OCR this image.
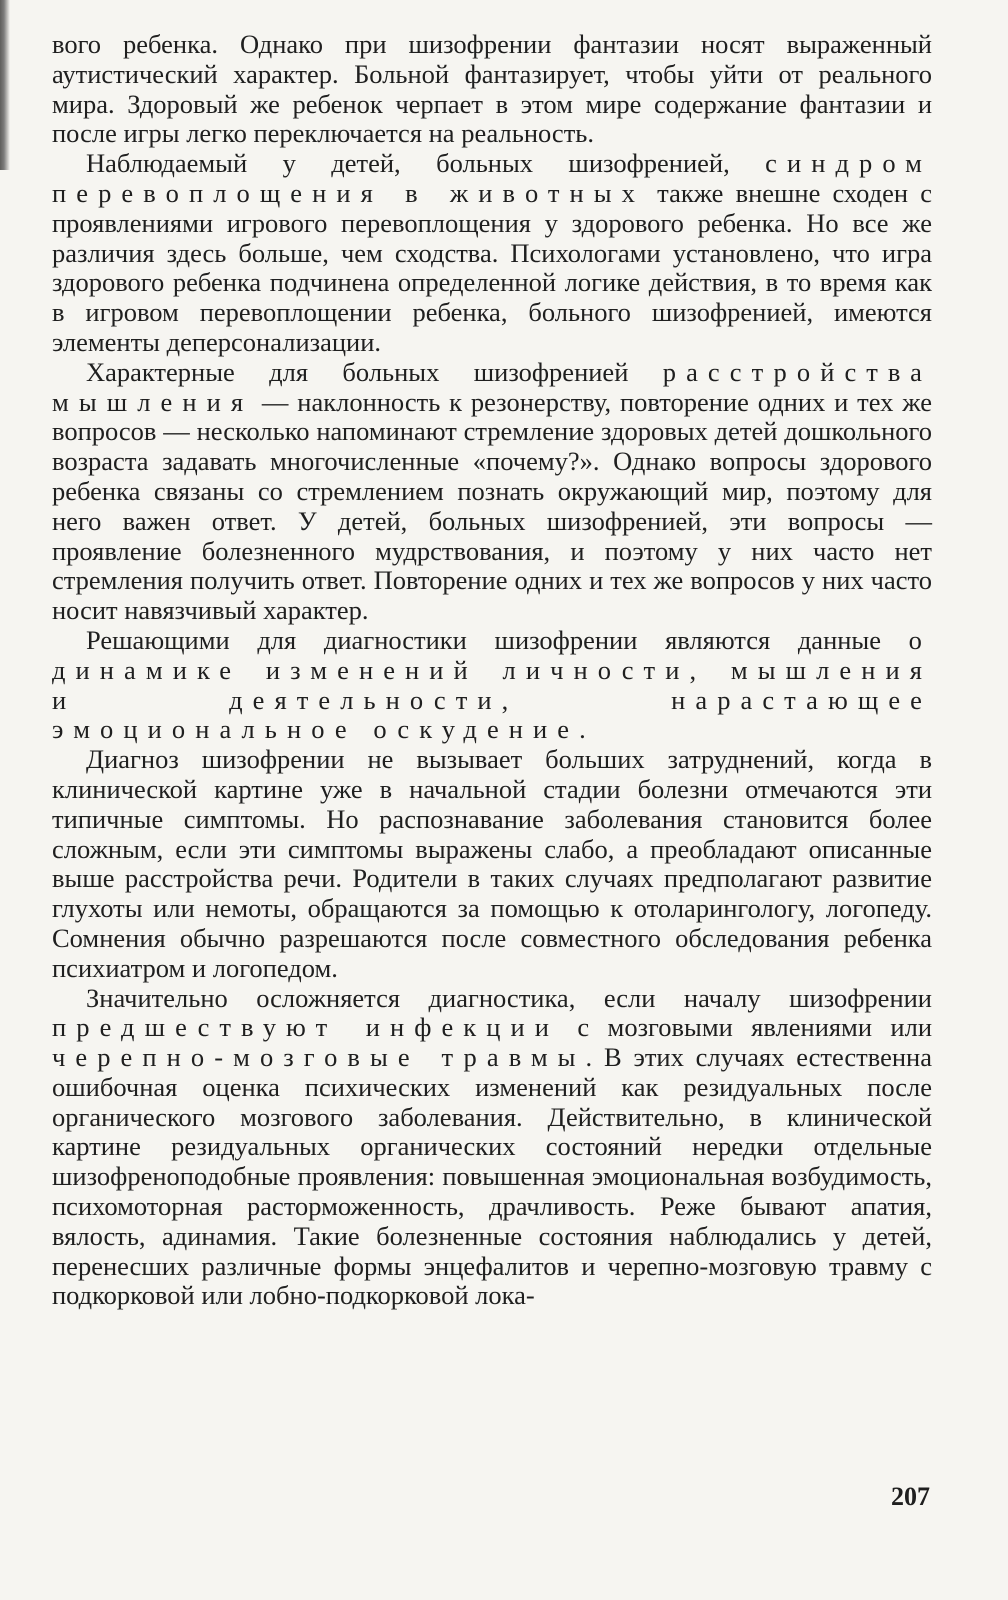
вого ребенка. Однако при шизофрении фантазии носят выраженный аутистический характер. Больной фантазирует, чтобы уйти от реального мира. Здоровый же ребенок черпает в этом мире содержание фантазии и после игры легко переключается на реальность.

Наблюдаемый у детей, больных шизофренией, синдром перевоплощения в животных также внешне сходен с проявлениями игрового перевоплощения у здорового ребенка. Но все же различия здесь больше, чем сходства. Психологами установлено, что игра здорового ребенка подчинена определенной логике действия, в то время как в игровом перевоплощении ребенка, больного шизофренией, имеются элементы деперсонализации.

Характерные для больных шизофренией расстройства мышления — наклонность к резонерству, повторение одних и тех же вопросов — несколько напоминают стремление здоровых детей дошкольного возраста задавать многочисленные «почему?». Однако вопросы здорового ребенка связаны со стремлением познать окружающий мир, поэтому для него важен ответ. У детей, больных шизофренией, эти вопросы — проявление болезненного мудрствования, и поэтому у них часто нет стремления получить ответ. Повторение одних и тех же вопросов у них часто носит навязчивый характер.

Решающими для диагностики шизофрении являются данные о динамике изменений личности, мышления и деятельности, нарастающее эмоциональное оскудение.

Диагноз шизофрении не вызывает больших затруднений, когда в клинической картине уже в начальной стадии болезни отмечаются эти типичные симптомы. Но распознавание заболевания становится более сложным, если эти симптомы выражены слабо, а преобладают описанные выше расстройства речи. Родители в таких случаях предполагают развитие глухоты или немоты, обращаются за помощью к отоларингологу, логопеду. Сомнения обычно разрешаются после совместного обследования ребенка психиатром и логопедом.

Значительно осложняется диагностика, если началу шизофрении предшествуют инфекции с мозговыми явлениями или черепно-мозговые травмы. В этих случаях естественна ошибочная оценка психических изменений как резидуальных после органического мозгового заболевания. Действительно, в клинической картине резидуальных органических состояний нередки отдельные шизофреноподобные проявления: повышенная эмоциональная возбудимость, психомоторная расторможенность, драчливость. Реже бывают апатия, вялость, адинамия. Такие болезненные состояния наблюдались у детей, перенесших различные формы энцефалитов и черепно-мозговую травму с подкорковой или лобно-подкорковой лока-

207
